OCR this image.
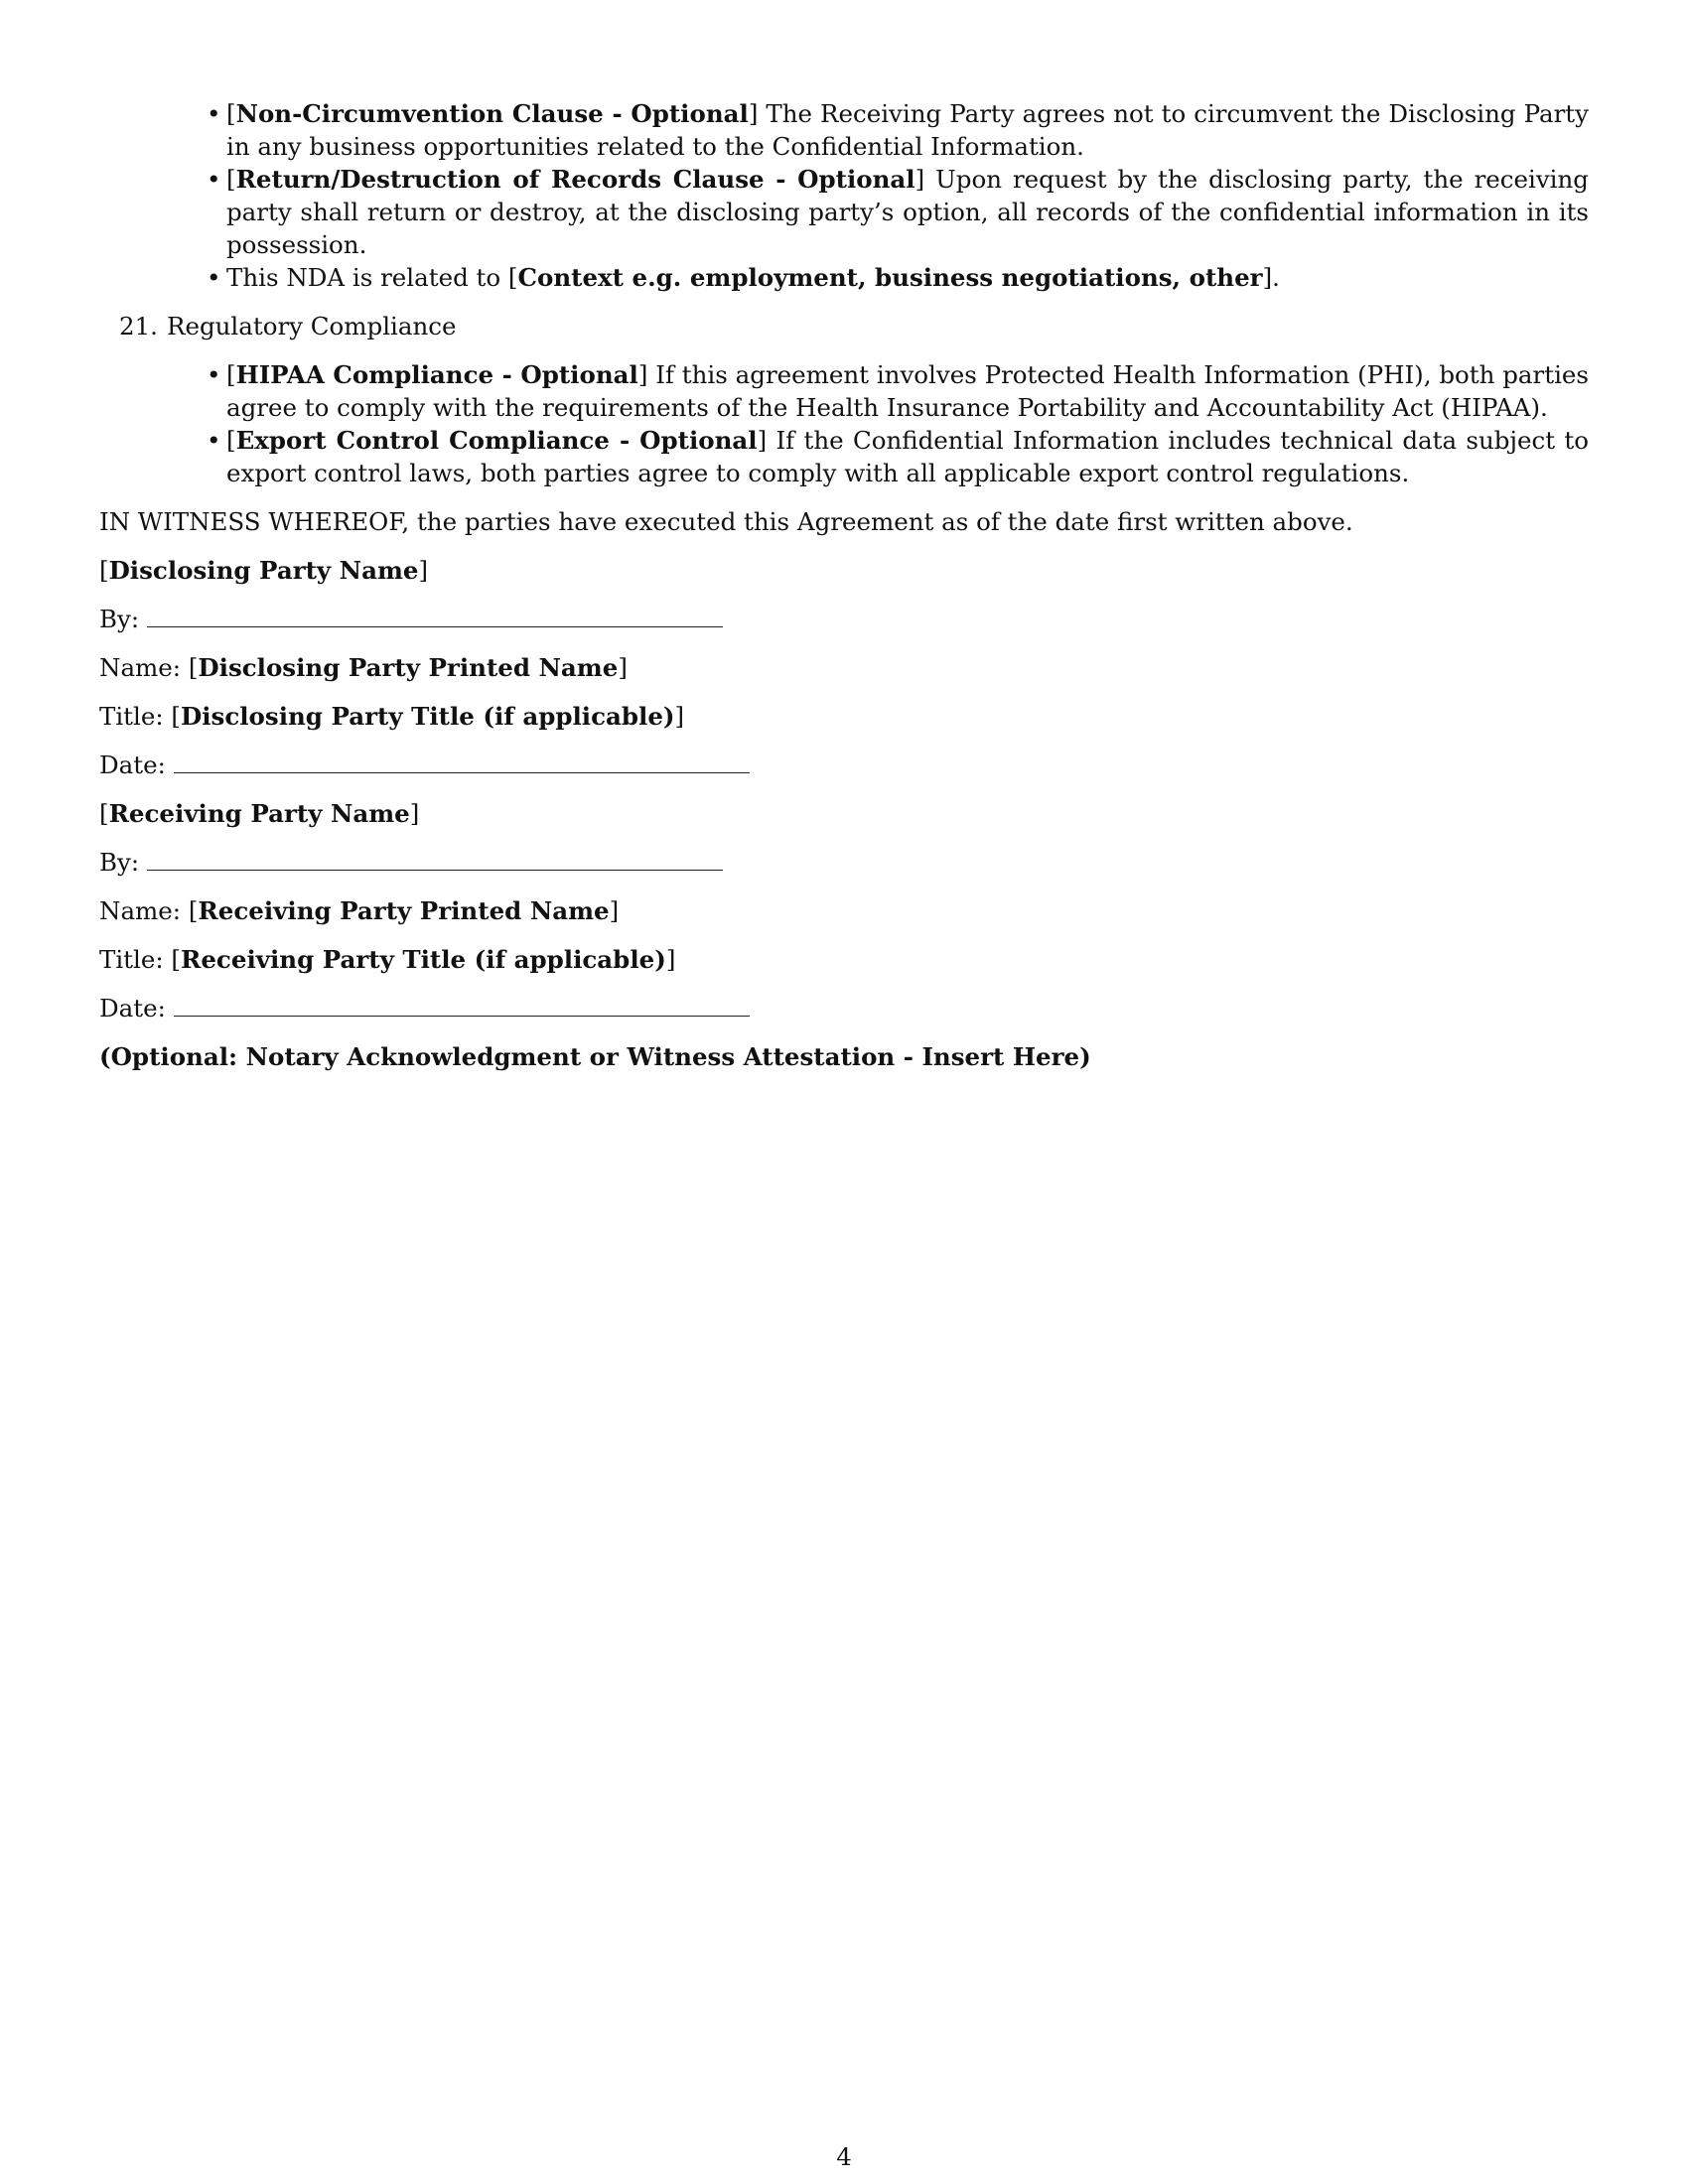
• [Non-Circumvention Clause - Optional] The Receiving Party agrees not to circumvent the Disclosing Party in any business opportunities related to the Confidential Information.
• [Return/Destruction of Records Clause - Optional] Upon request by the disclosing party, the receiving party shall return or destroy, at the disclosing party’s option, all records of the confidential information in its possession.
• This NDA is related to [Context e.g. employment, business negotiations, other].
21. Regulatory Compliance
• [HIPAA Compliance - Optional] If this agreement involves Protected Health Information (PHI), both parties agree to comply with the requirements of the Health Insurance Portability and Accountability Act (HIPAA).
• [Export Control Compliance - Optional] If the Confidential Information includes technical data subject to export control laws, both parties agree to comply with all applicable export control regulations.

IN WITNESS WHEREOF, the parties have executed this Agreement as of the date first written above.

[Disclosing Party Name]

By:

Name: [Disclosing Party Printed Name]

Title: [Disclosing Party Title (if applicable)]

Date:

[Receiving Party Name]

By:

Name: [Receiving Party Printed Name]

Title: [Receiving Party Title (if applicable)]

Date:

(Optional: Notary Acknowledgment or Witness Attestation - Insert Here)

4
